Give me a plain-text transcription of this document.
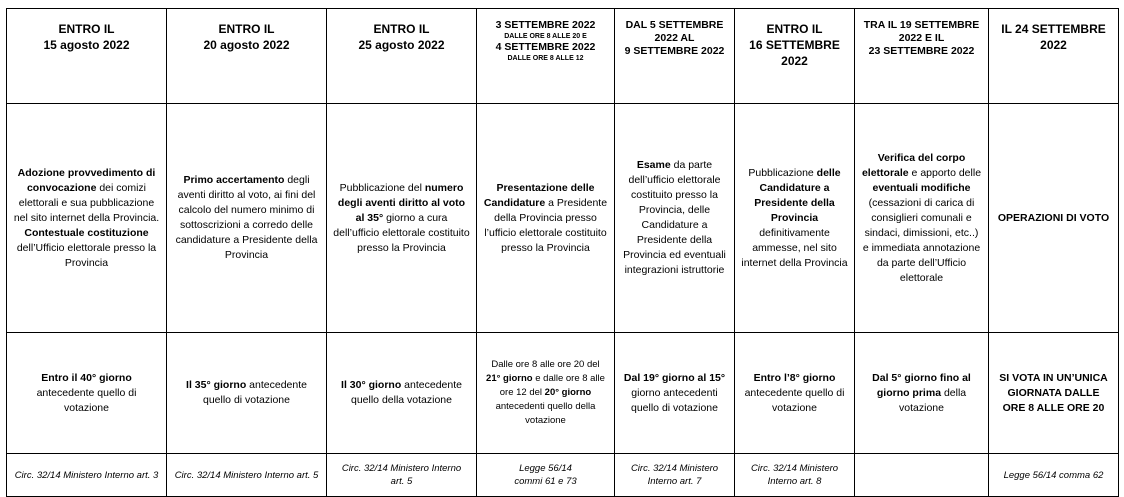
ENTRO IL
15 agosto 2022	ENTRO IL
20 agosto 2022	ENTRO IL
25 agosto 2022	3 SETTEMBRE 2022
DALLE ORE 8 ALLE 20 E
4 SETTEMBRE 2022
DALLE ORE 8 ALLE 12	DAL 5 SETTEMBRE
2022 AL
9 SETTEMBRE 2022	ENTRO IL
16 SETTEMBRE 2022	TRA IL 19 SETTEMBRE
2022 E IL
23 SETTEMBRE 2022	IL 24 SETTEMBRE 2022

Adozione provvedimento di convocazione dei comizi elettorali e sua pubblicazione nel sito internet della Provincia.
Contestuale costituzione dell’Ufficio elettorale presso la Provincia	Primo accertamento degli aventi diritto al voto, ai fini del calcolo del numero minimo di sottoscrizioni a corredo delle candidature a Presidente della Provincia	Pubblicazione del numero degli aventi diritto al voto al 35° giorno a cura dell’ufficio elettorale costituito presso la Provincia	Presentazione delle Candidature a Presidente della Provincia presso l’ufficio elettorale costituito presso la Provincia	Esame da parte dell’ufficio elettorale costituito presso la Provincia, delle Candidature a Presidente della Provincia ed eventuali integrazioni istruttorie	Pubblicazione delle Candidature a Presidente della Provincia definitivamente ammesse, nel sito internet della Provincia	Verifica del corpo elettorale e apporto delle eventuali modifiche (cessazioni di carica di consiglieri comunali e sindaci, dimissioni, etc..) e immediata annotazione da parte dell’Ufficio elettorale	OPERAZIONI DI VOTO
Entro il 40° giorno antecedente quello di votazione	Il 35° giorno antecedente quello di votazione	Il 30° giorno antecedente quello della votazione	Dalle ore 8 alle ore 20 del 21° giorno e dalle ore 8 alle ore 12 del 20° giorno antecedenti quello della votazione	Dal 19° giorno al 15° giorno antecedenti quello di votazione	Entro l’8° giorno antecedente quello di votazione	Dal 5° giorno fino al giorno prima della votazione	SI VOTA IN UN’UNICA GIORNATA DALLE ORE 8 ALLE ORE 20
Circ. 32/14 Ministero Interno art. 3	Circ. 32/14 Ministero Interno art. 5	Circ. 32/14 Ministero Interno
art. 5	Legge 56/14
commi 61 e 73	Circ. 32/14 Ministero
Interno art. 7	Circ. 32/14 Ministero
Interno art. 8		Legge 56/14 comma 62
